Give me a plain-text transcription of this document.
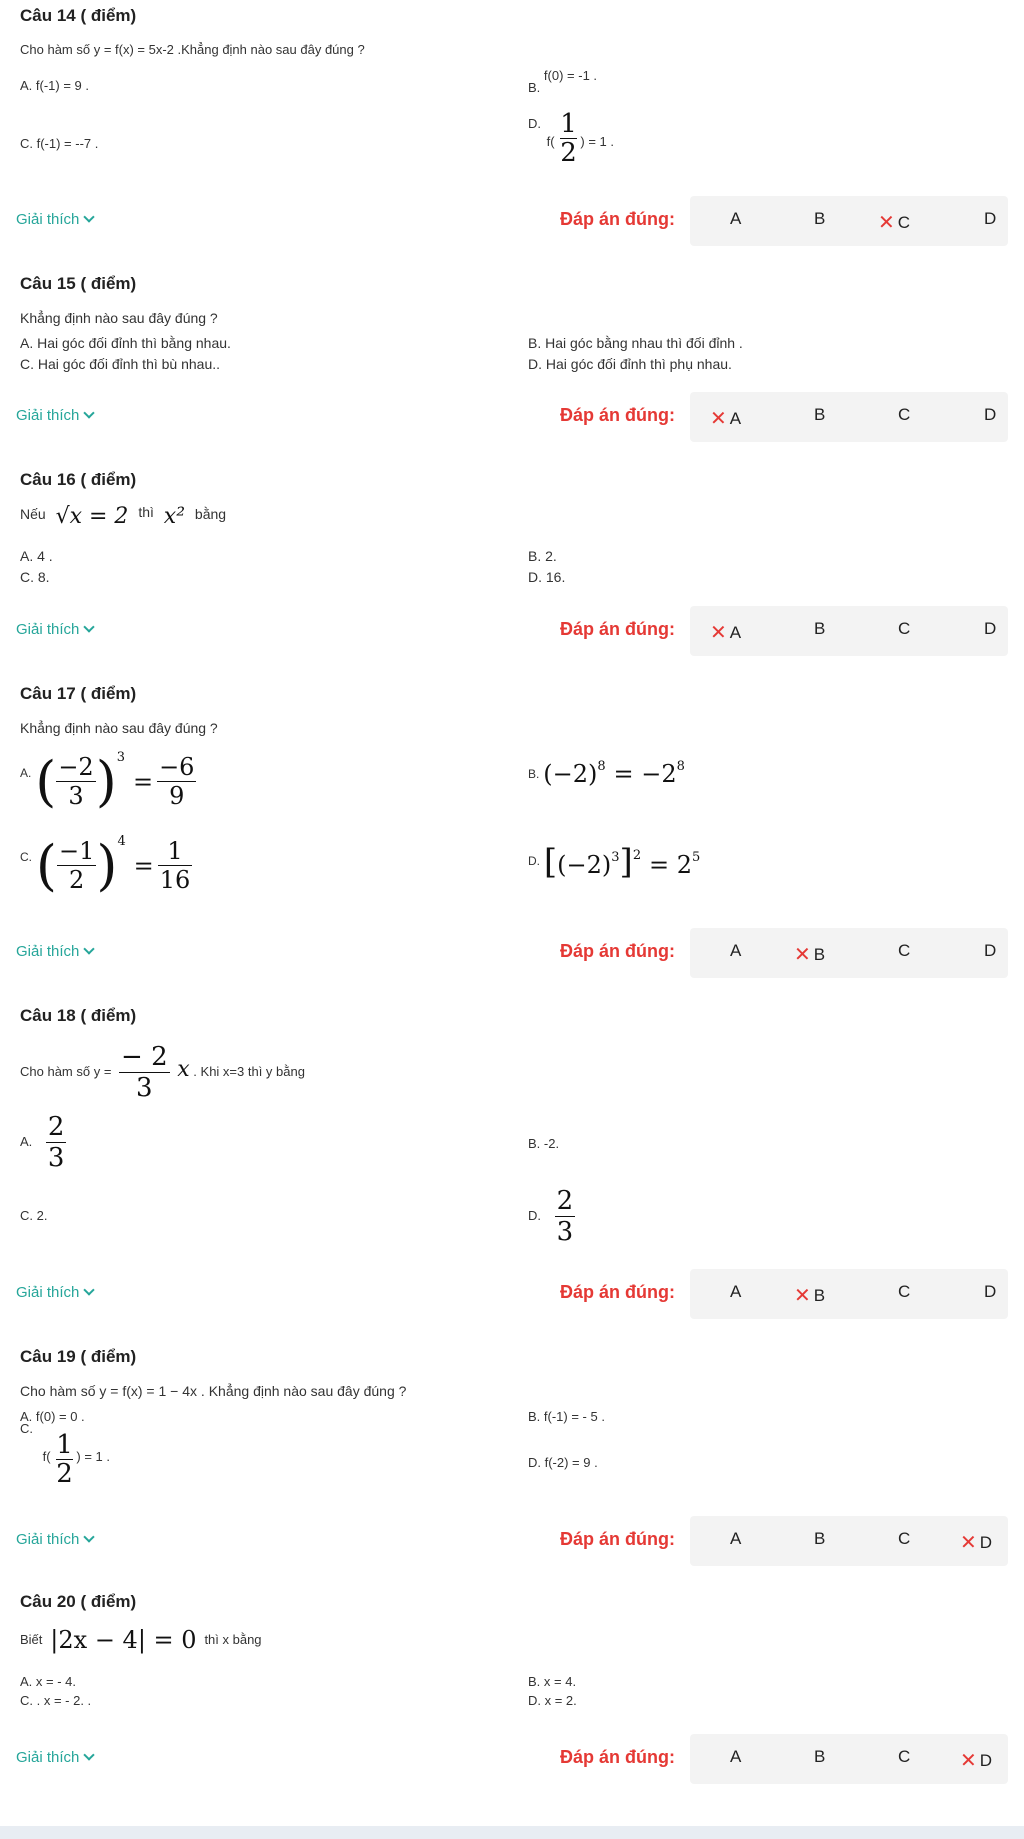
Câu 14 ( điểm)
Cho hàm số y = f(x) = 5x-2 .Khẳng định nào sau đây đúng ?
A. f(-1) = 9 .	B. f(0) = -1 .
C. f(-1) = --7 .
D. $f( \frac{1}{2}$ ) = 1 .
Giải thích	Đáp án đúng:	A	B	✕ C	D
Câu 15 ( điểm)
Khẳng định nào sau đây đúng ?
A. Hai góc đối đỉnh thì bằng nhau.	B. Hai góc bằng nhau thì đối đỉnh .
C. Hai góc đối đỉnh thì bù nhau..	D. Hai góc đối đỉnh thì phụ nhau.
Giải thích	Đáp án đúng: ✕ A	B	C	D
Câu 16 ( điểm)
Nếu √x = 2 thì x² bằng
A. 4 .	B. 2.
C. 8.	D. 16.
Giải thích	Đáp án đúng: ✕ A	B	C	D
Câu 17 ( điểm)
Khẳng định nào sau đây đúng ?
A. ( $\frac{-2}{3} )3 = \frac{-6}{9}$	B. $(-2)^8 = -2^8$
C. ( $\frac{-1}{2} )4 = \frac{1}{16}$	D. $[(-2)^3]^2 = 2^5$
Giải thích	Đáp án đúng:	A	✕ B	C	D
Câu 18 ( điểm)
Cho hàm số $y = \frac{- 2}{3}$ x . Khi x=3 thì y bằng
A. $\frac{2}{3}$	B. -2.
C. 2.	D. $\frac{2}{3}$
Giải thích	Đáp án đúng:	A	✕ B	C	D
Câu 19 ( điểm)
Cho hàm số y = f(x) = 1 − 4x . Khẳng định nào sau đây đúng ?
A. f(0) = 0 .	B. f(-1) = - 5 .
C. $f( \frac{1}{2}$ ) = 1 .	D. f(-2) = 9 .
Giải thích	Đáp án đúng:	A	B	C ✕ D
Câu 20 ( điểm)
Biết |2x − 4| = 0 thì x bằng
A. x = - 4.	B. x = 4.
C. . x = - 2. .	D. x = 2.
Giải thích	Đáp án đúng:	A	B	C ✕ D
